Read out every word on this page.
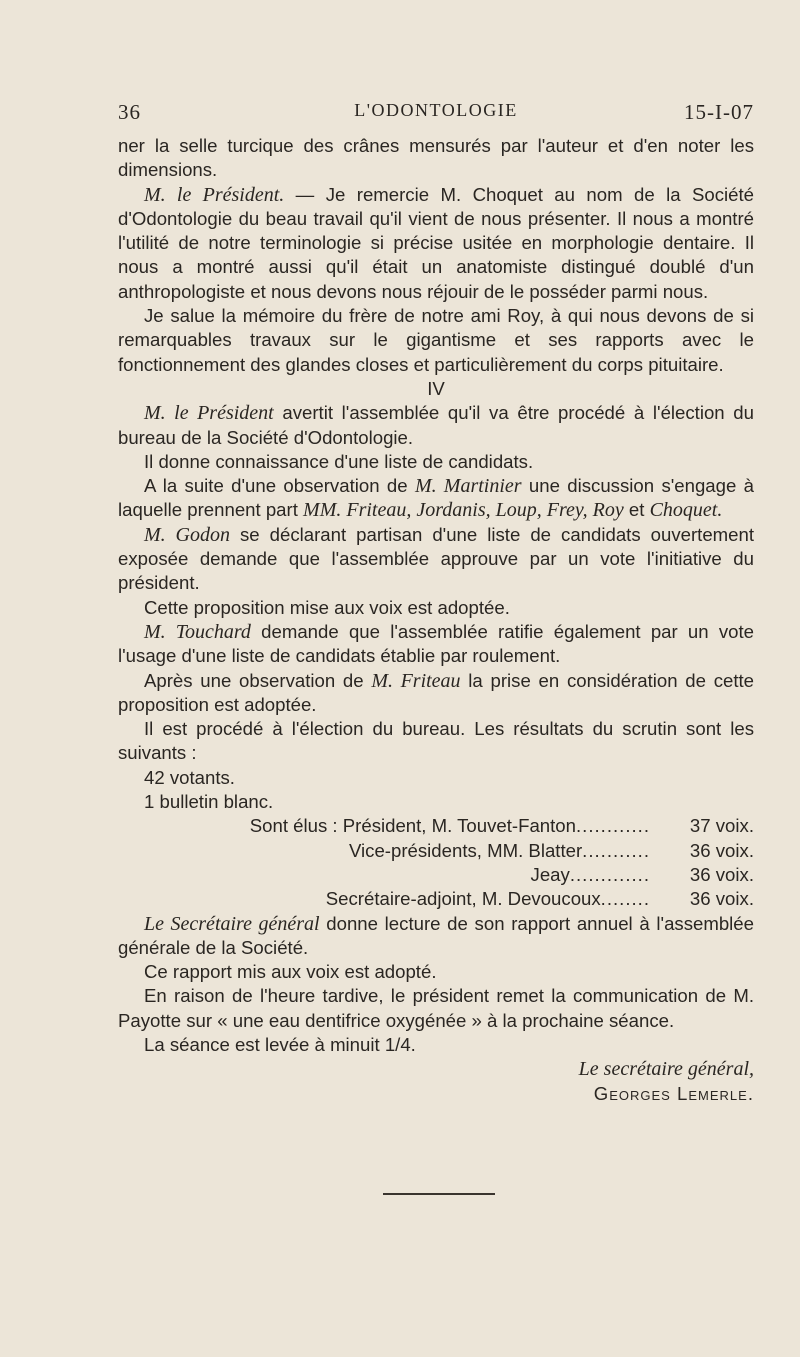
36	L'ODONTOLOGIE	15-I-07

ner la selle turcique des crânes mensurés par l'auteur et d'en noter les dimensions.

M. le Président. — Je remercie M. Choquet au nom de la Société d'Odontologie du beau travail qu'il vient de nous présenter. Il nous a montré l'utilité de notre terminologie si précise usitée en morphologie dentaire. Il nous a montré aussi qu'il était un anatomiste distingué doublé d'un anthropologiste et nous devons nous réjouir de le posséder parmi nous.

Je salue la mémoire du frère de notre ami Roy, à qui nous devons de si remarquables travaux sur le gigantisme et ses rapports avec le fonctionnement des glandes closes et particulièrement du corps pituitaire.

IV

M. le Président avertit l'assemblée qu'il va être procédé à l'élection du bureau de la Société d'Odontologie.

Il donne connaissance d'une liste de candidats.

A la suite d'une observation de M. Martinier une discussion s'engage à laquelle prennent part MM. Friteau, Jordanis, Loup, Frey, Roy et Choquet.

M. Godon se déclarant partisan d'une liste de candidats ouvertement exposée demande que l'assemblée approuve par un vote l'initiative du président.

Cette proposition mise aux voix est adoptée.

M. Touchard demande que l'assemblée ratifie également par un vote l'usage d'une liste de candidats établie par roulement.

Après une observation de M. Friteau la prise en considération de cette proposition est adoptée.

Il est procédé à l'élection du bureau. Les résultats du scrutin sont les suivants :

42 votants.

1 bulletin blanc.

Sont élus : Président, M. Touvet-Fanton............ 37 voix.
Vice-présidents, MM. Blatter........... 36 voix.
Jeay............. 36 voix.
Secrétaire-adjoint, M. Devoucoux........ 36 voix.

Le Secrétaire général donne lecture de son rapport annuel à l'assemblée générale de la Société.

Ce rapport mis aux voix est adopté.

En raison de l'heure tardive, le président remet la communication de M. Payotte sur « une eau dentifrice oxygénée » à la prochaine séance.

La séance est levée à minuit 1/4.

Le secrétaire général,

Georges Lemerle.
